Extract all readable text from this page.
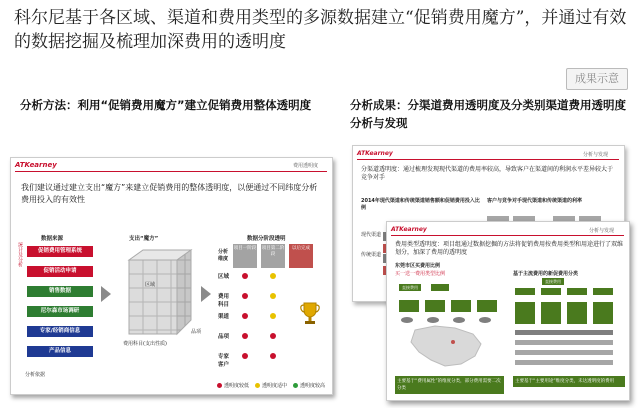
科尔尼基于各区域、渠道和费用类型的多源数据建立“促销费用魔方”，并通过有效的数据挖掘及梳理加深费用的透明度
成果示意
分析方法：利用“促销费用魔方”建立促销费用整体透明度	分析成果：分渠道费用透明度及分类别渠道费用透明度分析与发现
ATKearney	费用透明度
我们建议通过建立支出“魔方”来建立促销费用的整体透明度，以便通过不同纬度分析费用投入的有效性
数据来源
统计及分析
分析依据
支出“魔方”
区域
费用科目(支出性质)
品项
数据分阶段透明
分析维度
透明度较低	透明度适中	透明度较高
促销费用管理系统
促销活动申请
销售数据
尼尔森市场调研
专家/经销商信息
产品信息
项目一阶段 项目第二阶段
以后完成
区域
费用科目
渠道
品项
专家客户
ATKearney	分析与发现
分渠道透明度：通过梳理发现现代渠道的费用率较高，导致客户在渠道间的利润水平差异较大于竞争对手
2014年现代渠道和传统渠道销售额和促销费用投入比例
客户与竞争对手现代渠道和传统渠道的利率
现代渠道
传统渠道
ATKearney	分析与发现
费用类型透明度：项目组通过数据挖掘的方法将促销费用按费用类型和用途进行了双维划分，加深了费用的透明度
东莞市区买费用比例
买一送一费用类型比例	基于主流费用的新促费用分类
直接费用
直接费用
主要基于“费用属性”的维度分类，部分费用需要二次分类
主要基于“主要用途”维度分类，未达透明度的费用
